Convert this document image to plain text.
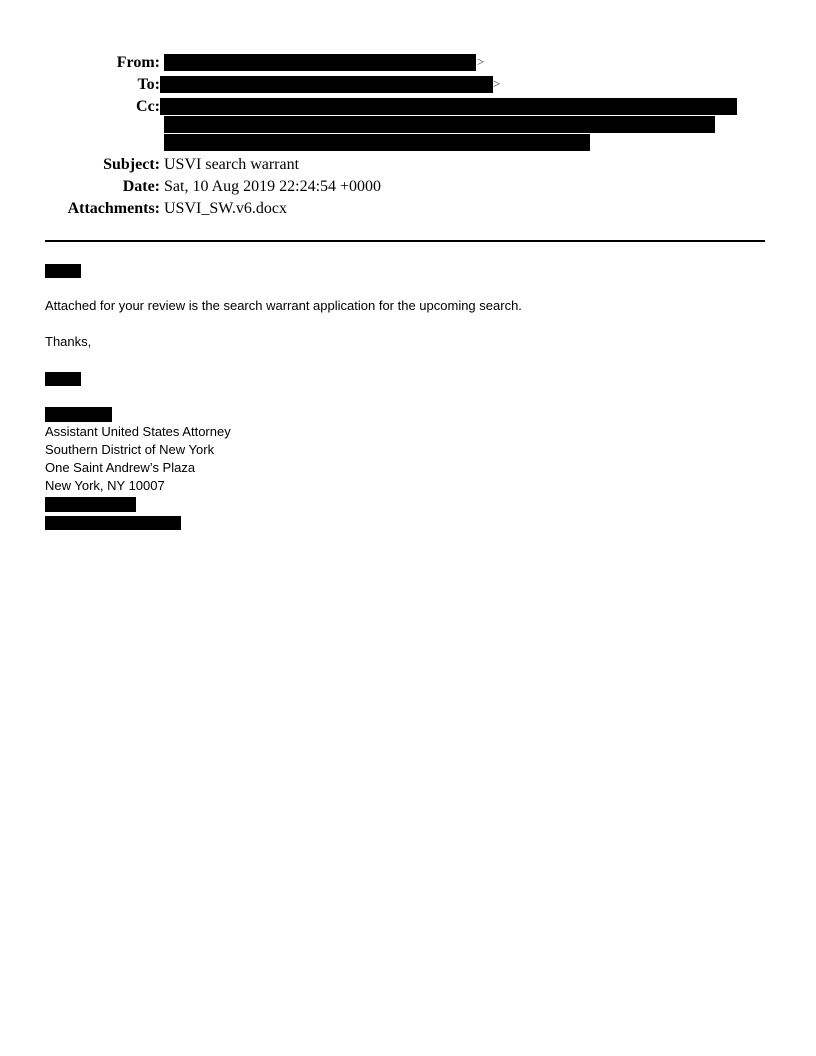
From:	>
To:	>
Cc:
Subject: USVI search warrant
Date: Sat, 10 Aug 2019 22:24:54 +0000
Attachments: USVI_SW.v6.docx
Attached for your review is the search warrant application for the upcoming search.
Thanks,
Assistant United States Attorney
Southern District of New York
One Saint Andrew’s Plaza
New York, NY 10007
